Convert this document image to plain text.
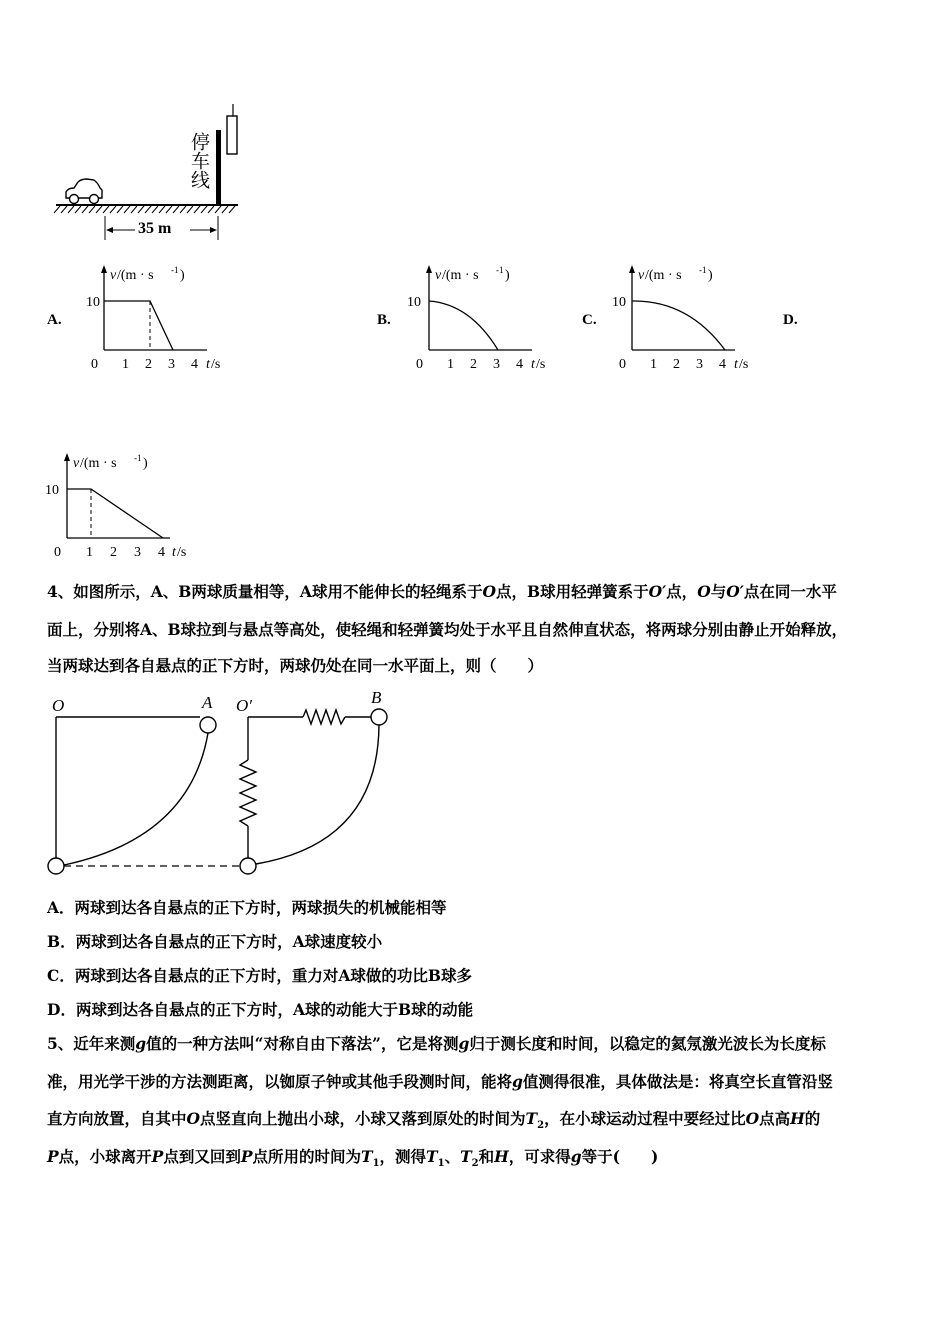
停车线
35 m
A.	B.	C.	D.
v /(m · s -1 )
10
0 1 2 3 4 t /s
v /(m · s -1 )
10
0 1 2 3 4 t /s
v /(m · s -1 )
10
0 1 2 3 4 t /s
v /(m · s -1 )
10
0 1 2 3 4 t /s
4、如图所示，A、B两球质量相等，A球用不能伸长的轻绳系于O点，B球用轻弹簧系于O′点，O与O′点在同一水平
面上，分别将A、B球拉到与悬点等高处，使轻绳和轻弹簧均处于水平且自然伸直状态，将两球分别由静止开始释放，
当两球达到各自悬点的正下方时，两球仍处在同一水平面上，则（　　）
O	A O′	B
A．两球到达各自悬点的正下方时，两球损失的机械能相等
B．两球到达各自悬点的正下方时，A球速度较小
C．两球到达各自悬点的正下方时，重力对A球做的功比B球多
D．两球到达各自悬点的正下方时，A球的动能大于B球的动能
5、近年来测g值的一种方法叫“对称自由下落法”，它是将测g归于测长度和时间，以稳定的氦氖激光波长为长度标
准，用光学干涉的方法测距离，以铷原子钟或其他手段测时间，能将g值测得很准，具体做法是：将真空长直管沿竖
直方向放置，自其中O点竖直向上抛出小球，小球又落到原处的时间为$T_2$，在小球运动过程中要经过比O点高H的
P点，小球离开P点到又回到P点所用的时间为$T_1$，测得$T_1$、$T_2$和H，可求得g等于(　　)
